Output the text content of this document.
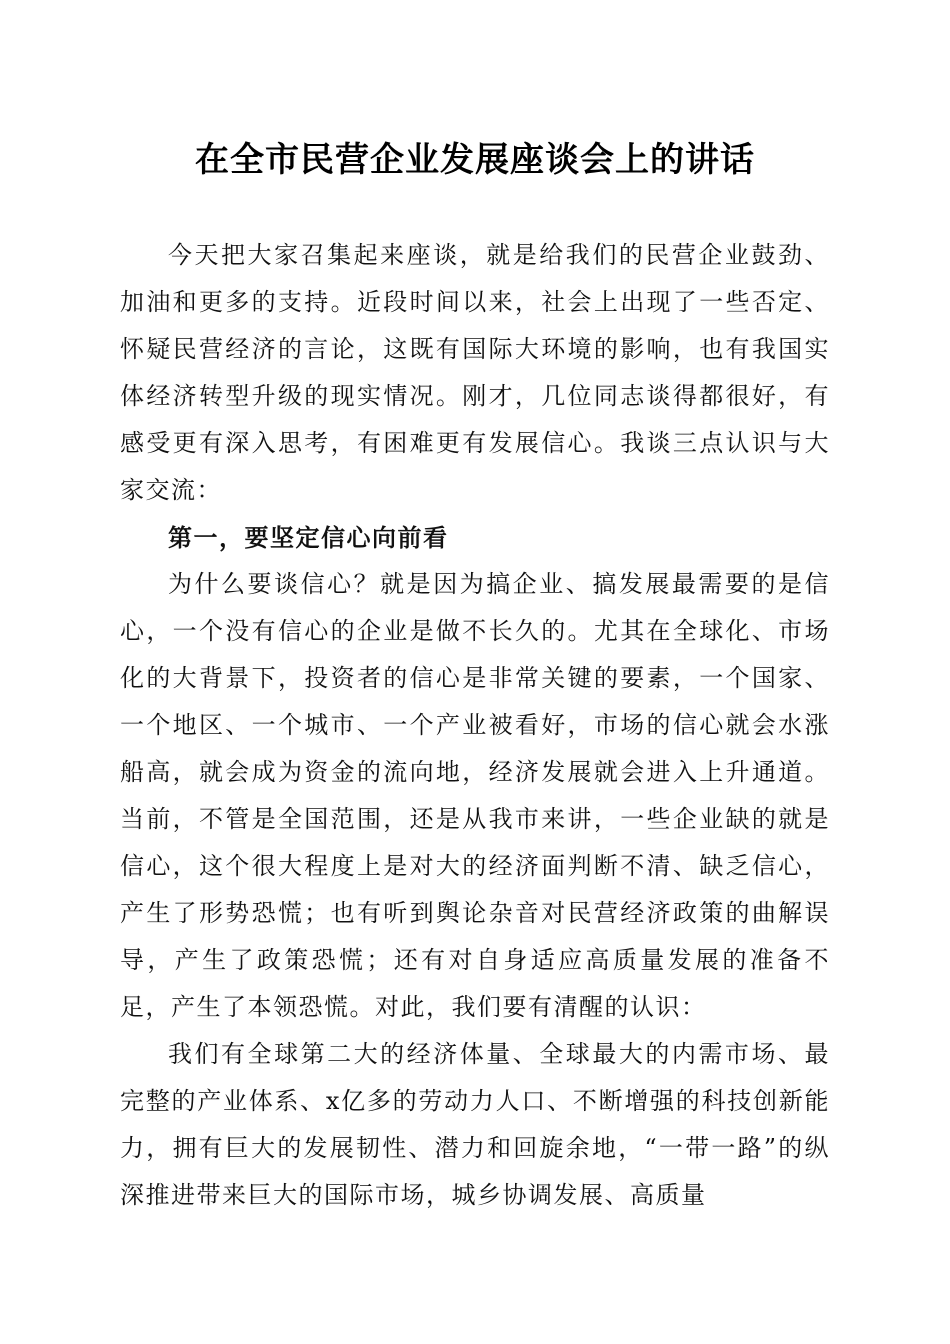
在全市民营企业发展座谈会上的讲话

今天把大家召集起来座谈，就是给我们的民营企业鼓劲、加油和更多的支持。近段时间以来，社会上出现了一些否定、怀疑民营经济的言论，这既有国际大环境的影响，也有我国实体经济转型升级的现实情况。刚才，几位同志谈得都很好，有感受更有深入思考，有困难更有发展信心。我谈三点认识与大家交流：

第一，要坚定信心向前看

为什么要谈信心？就是因为搞企业、搞发展最需要的是信心，一个没有信心的企业是做不长久的。尤其在全球化、市场化的大背景下，投资者的信心是非常关键的要素，一个国家、一个地区、一个城市、一个产业被看好，市场的信心就会水涨船高，就会成为资金的流向地，经济发展就会进入上升通道。当前，不管是全国范围，还是从我市来讲，一些企业缺的就是信心，这个很大程度上是对大的经济面判断不清、缺乏信心，产生了形势恐慌；也有听到舆论杂音对民营经济政策的曲解误导，产生了政策恐慌；还有对自身适应高质量发展的准备不足，产生了本领恐慌。对此，我们要有清醒的认识：

我们有全球第二大的经济体量、全球最大的内需市场、最完整的产业体系、x亿多的劳动力人口、不断增强的科技创新能力，拥有巨大的发展韧性、潜力和回旋余地，“一带一路”的纵深推进带来巨大的国际市场，城乡协调发展、高质量
